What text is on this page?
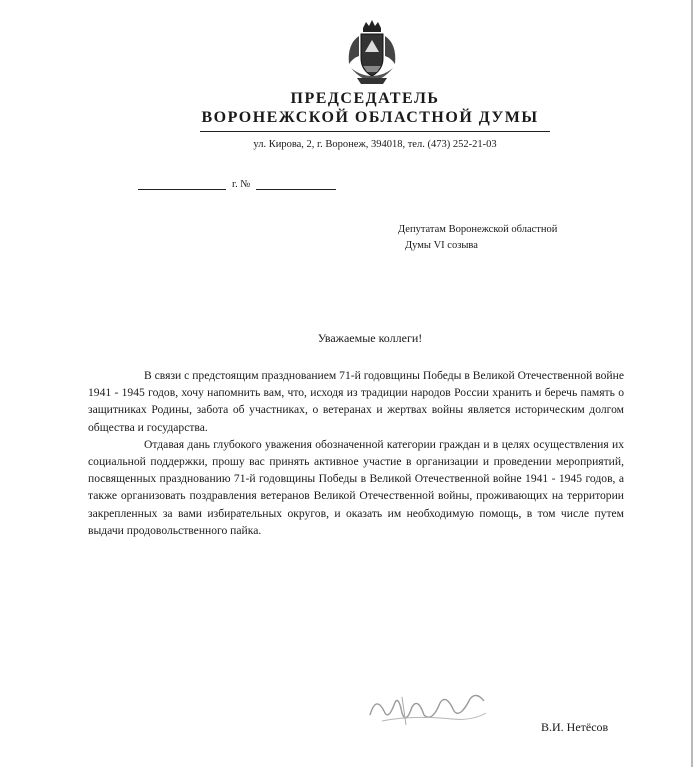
ПРЕДСЕДАТЕЛЬ
ВОРОНЕЖСКОЙ ОБЛАСТНОЙ ДУМЫ
ул. Кирова, 2, г. Воронеж, 394018, тел. (473) 252-21-03
г. №
Депутатам Воронежской областной
Думы VI созыва
Уважаемые коллеги!

В связи с предстоящим празднованием 71-й годовщины Победы в Великой Отечественной войне 1941 - 1945 годов, хочу напомнить вам, что, исходя из традиции народов России хранить и беречь память о защитниках Родины, забота об участниках, о ветеранах и жертвах войны является историческим долгом общества и государства.

Отдавая дань глубокого уважения обозначенной категории граждан и в целях осуществления их социальной поддержки, прошу вас принять активное участие в организации и проведении мероприятий, посвященных празднованию 71-й годовщины Победы в Великой Отечественной войне 1941 - 1945 годов, а также организовать поздравления ветеранов Великой Отечественной войны, проживающих на территории закрепленных за вами избирательных округов, и оказать им необходимую помощь, в том числе путем выдачи продовольственного пайка.

В.И. Нетёсов
